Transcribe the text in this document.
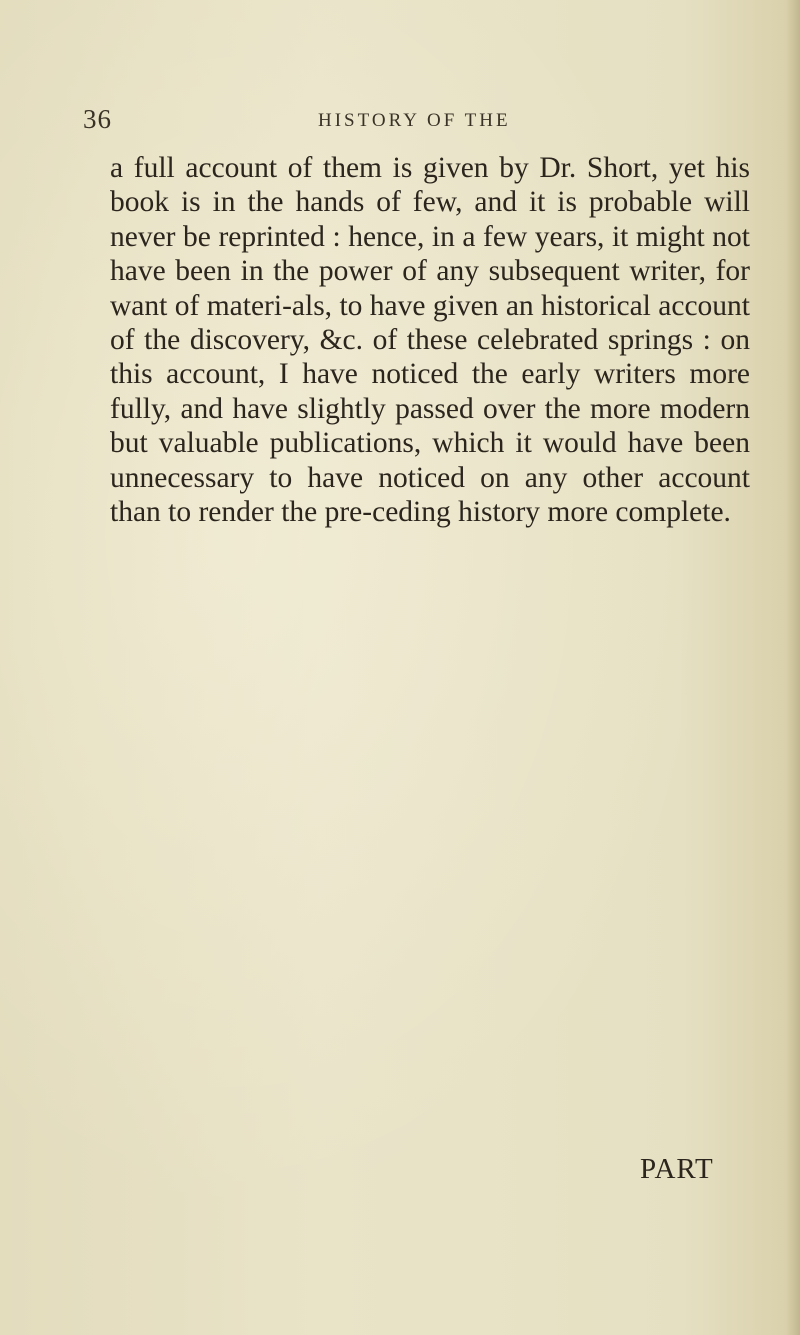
36	HISTORY OF THE

a full account of them is given by Dr. Short, yet his book is in the hands of few, and it is probable will never be reprinted : hence, in a few years, it might not have been in the power of any subsequent writer, for want of materi-als, to have given an historical account of the discovery, &c. of these celebrated springs : on this account, I have noticed the early writers more fully, and have slightly passed over the more modern but valuable publications, which it would have been unnecessary to have noticed on any other account than to render the pre-ceding history more complete.

PART
